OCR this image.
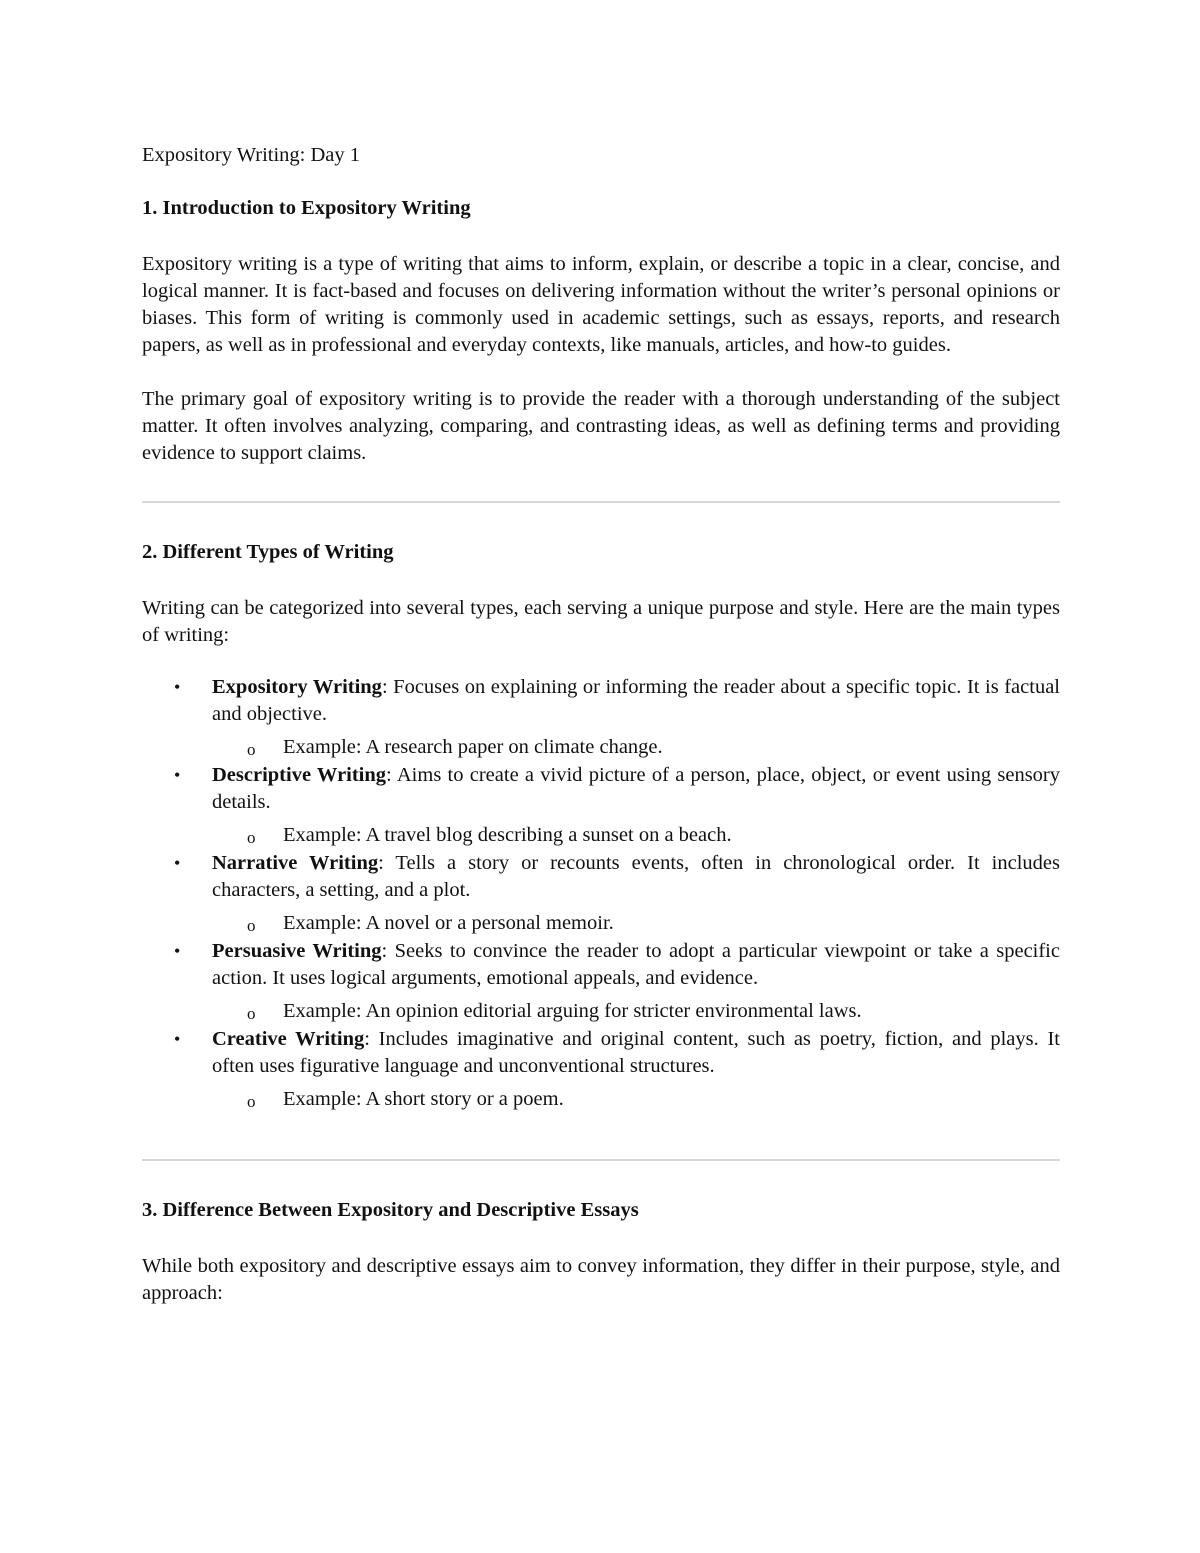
Expository Writing: Day 1
1. Introduction to Expository Writing

Expository writing is a type of writing that aims to inform, explain, or describe a topic in a clear, concise, and logical manner. It is fact-based and focuses on delivering information without the writer’s personal opinions or biases. This form of writing is commonly used in academic settings, such as essays, reports, and research papers, as well as in professional and everyday contexts, like manuals, articles, and how-to guides.

The primary goal of expository writing is to provide the reader with a thorough understanding of the subject matter. It often involves analyzing, comparing, and contrasting ideas, as well as defining terms and providing evidence to support claims.

2. Different Types of Writing

Writing can be categorized into several types, each serving a unique purpose and style. Here are the main types of writing:

• Expository Writing: Focuses on explaining or informing the reader about a specific topic. It is factual and objective.
o Example: A research paper on climate change.
• Descriptive Writing: Aims to create a vivid picture of a person, place, object, or event using sensory details.
o Example: A travel blog describing a sunset on a beach.
• Narrative Writing: Tells a story or recounts events, often in chronological order. It includes characters, a setting, and a plot.
o Example: A novel or a personal memoir.
• Persuasive Writing: Seeks to convince the reader to adopt a particular viewpoint or take a specific action. It uses logical arguments, emotional appeals, and evidence.
o Example: An opinion editorial arguing for stricter environmental laws.
• Creative Writing: Includes imaginative and original content, such as poetry, fiction, and plays. It often uses figurative language and unconventional structures.
o Example: A short story or a poem.
3. Difference Between Expository and Descriptive Essays

While both expository and descriptive essays aim to convey information, they differ in their purpose, style, and approach:
